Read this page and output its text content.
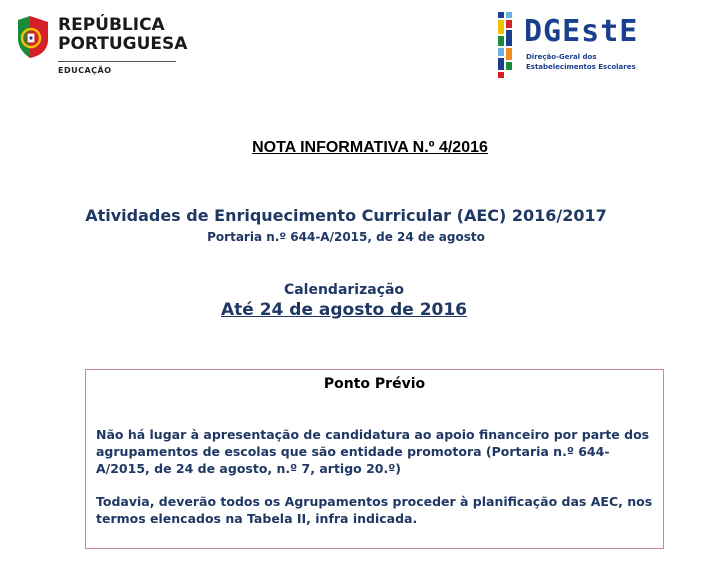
REPÚBLICA
PORTUGUESA
EDUCAÇÃO
DGEstE
Direção-Geral dos
Estabelecimentos Escolares
NOTA INFORMATIVA N.º 4/2016
Atividades de Enriquecimento Curricular (AEC) 2016/2017
Portaria n.º 644-A/2015, de 24 de agosto
Calendarização
Até 24 de agosto de 2016
Ponto Prévio
Não há lugar à apresentação de candidatura ao apoio financeiro por parte dos agrupamentos de escolas que são entidade promotora (Portaria n.º 644-A/2015, de 24 de agosto, n.º 7, artigo 20.º)
Todavia, deverão todos os Agrupamentos proceder à planificação das AEC, nos termos elencados na Tabela II, infra indicada.
